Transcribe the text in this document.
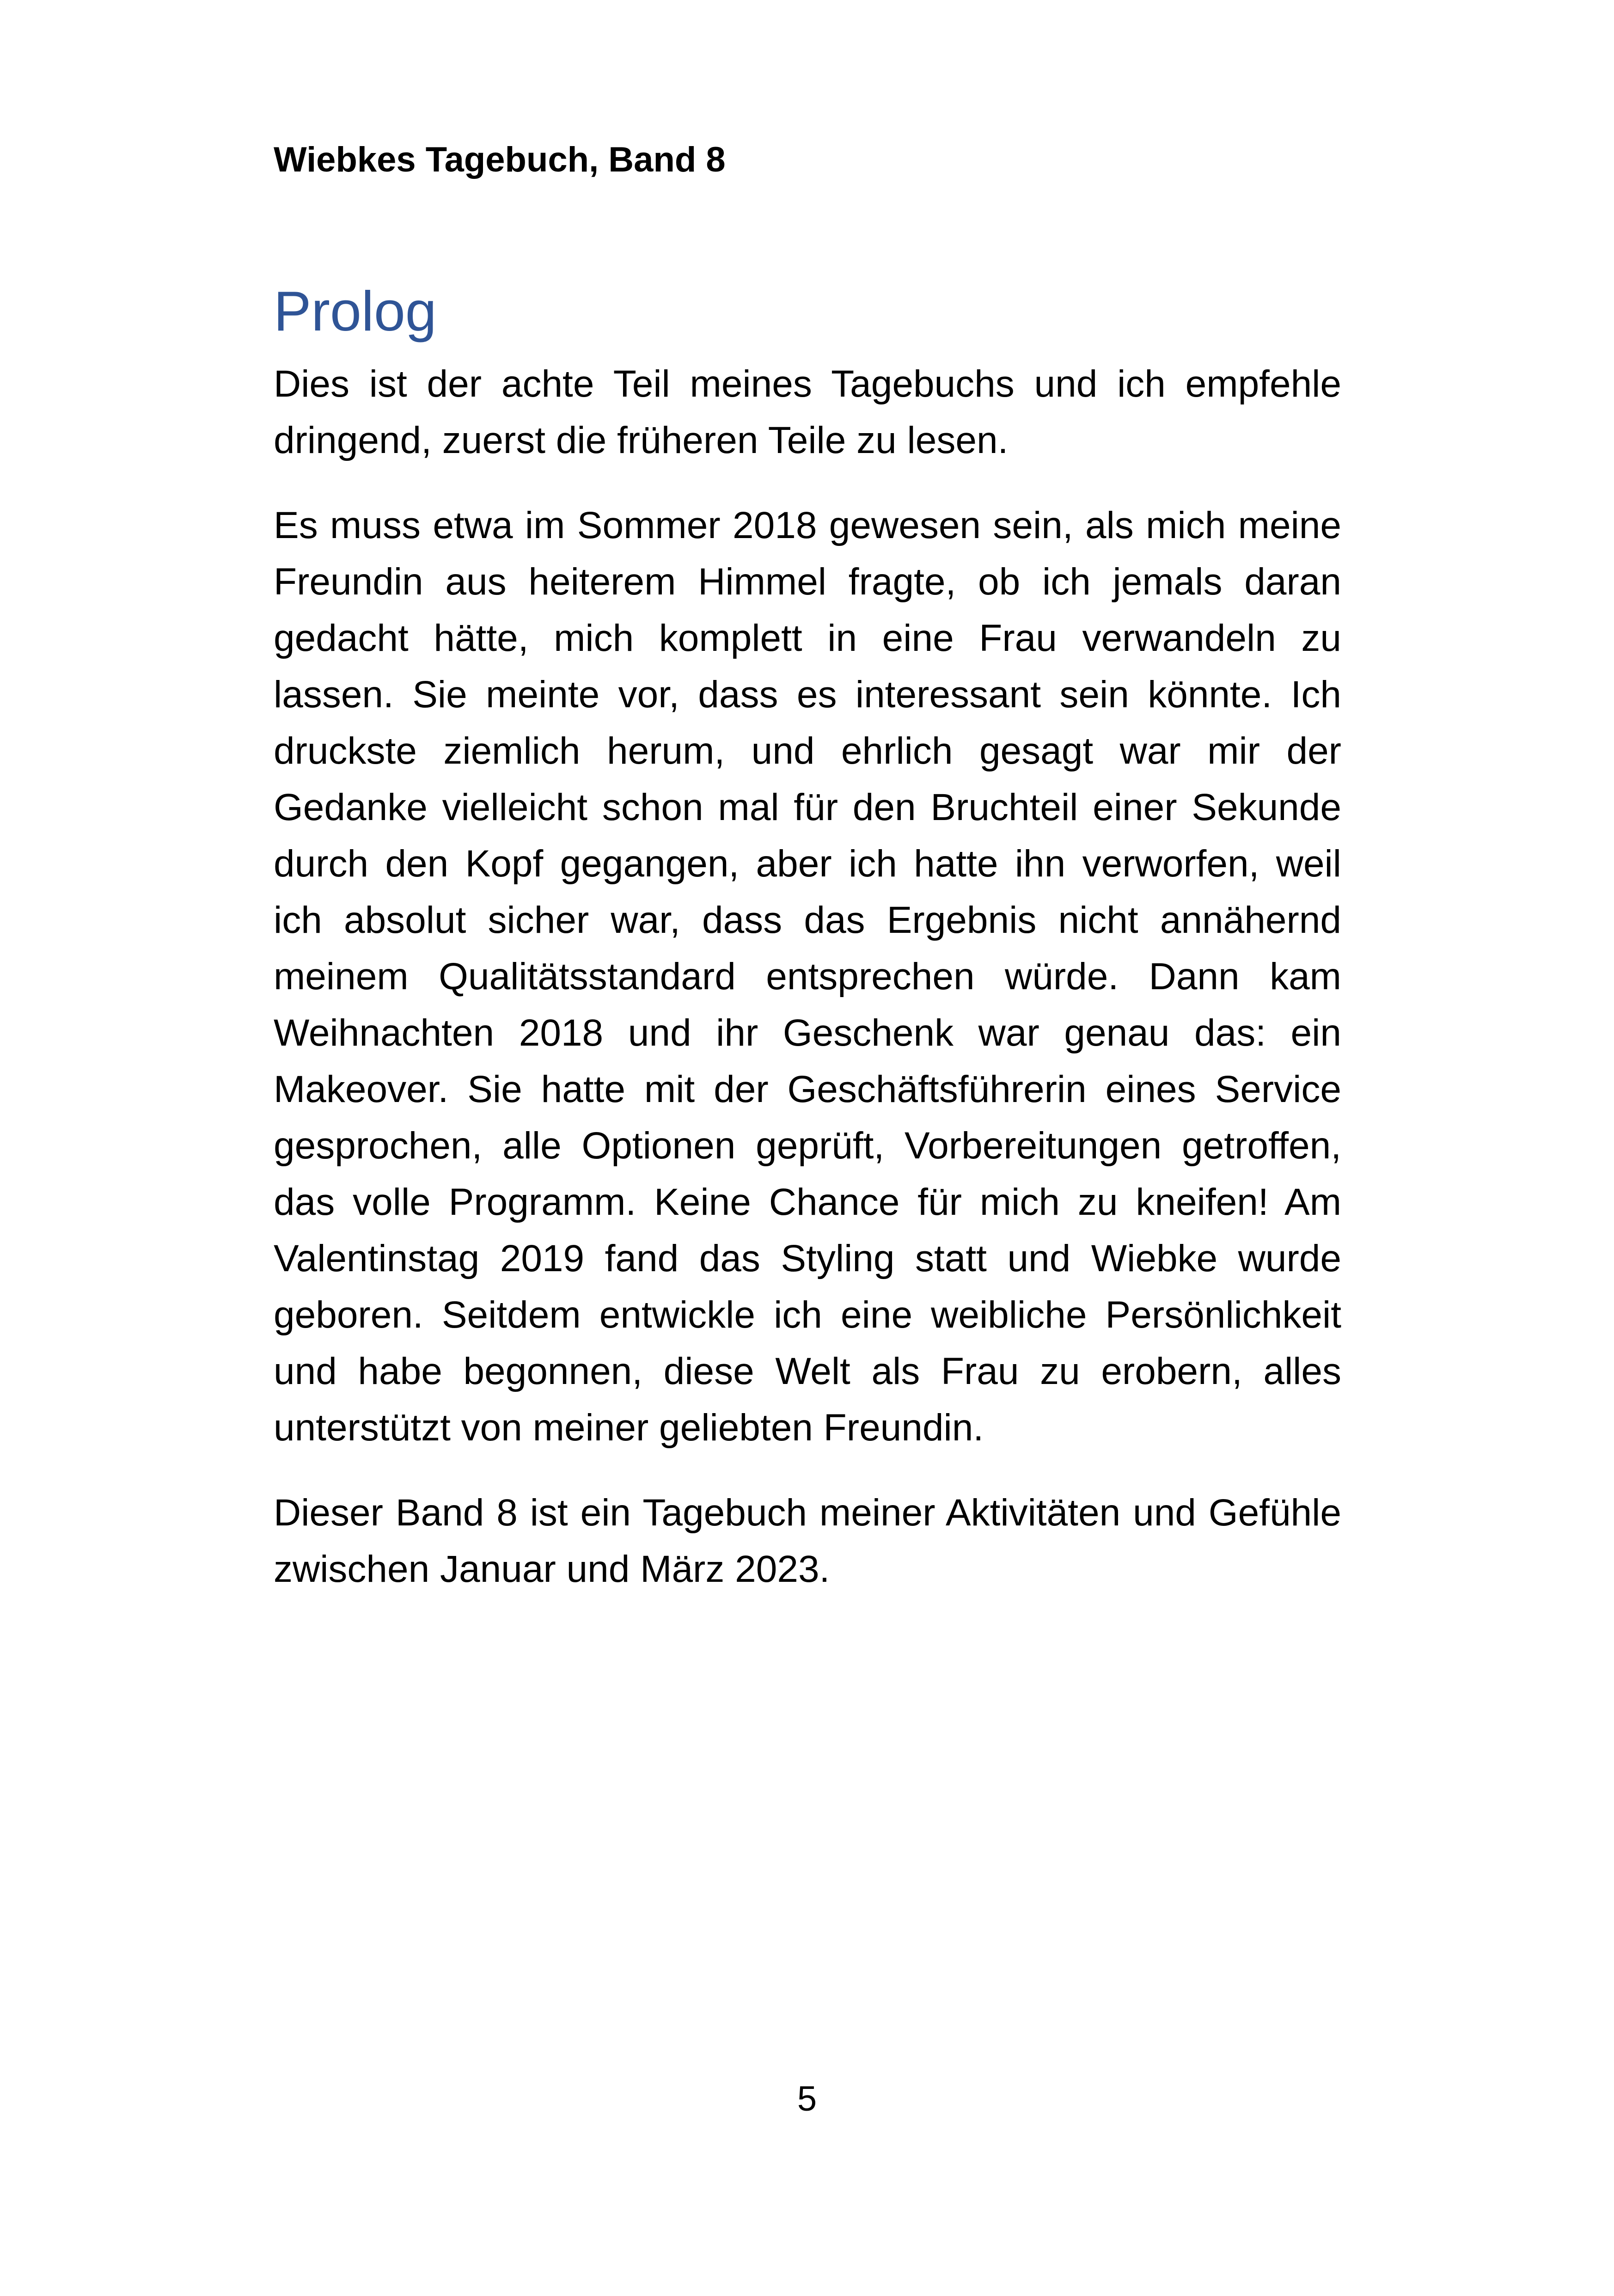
Wiebkes Tagebuch, Band 8
Prolog

Dies ist der achte Teil meines Tagebuchs und ich empfehle dringend, zuerst die früheren Teile zu lesen.

Es muss etwa im Sommer 2018 gewesen sein, als mich meine Freundin aus heiterem Himmel fragte, ob ich jemals daran gedacht hätte, mich komplett in eine Frau verwandeln zu lassen. Sie meinte vor, dass es interessant sein könnte. Ich druckste ziemlich herum, und ehrlich gesagt war mir der Gedanke vielleicht schon mal für den Bruchteil einer Sekunde durch den Kopf gegangen, aber ich hatte ihn verworfen, weil ich absolut sicher war, dass das Ergebnis nicht annähernd meinem Qualitätsstandard entsprechen würde. Dann kam Weihnachten 2018 und ihr Geschenk war genau das: ein Makeover. Sie hatte mit der Geschäftsführerin eines Service gesprochen, alle Optionen geprüft, Vorbereitungen getroffen, das volle Programm. Keine Chance für mich zu kneifen! Am Valentinstag 2019 fand das Styling statt und Wiebke wurde geboren. Seitdem entwickle ich eine weibliche Persönlichkeit und habe begonnen, diese Welt als Frau zu erobern, alles unterstützt von meiner geliebten Freundin.

Dieser Band 8 ist ein Tagebuch meiner Aktivitäten und Gefühle zwischen Januar und März 2023.

5
